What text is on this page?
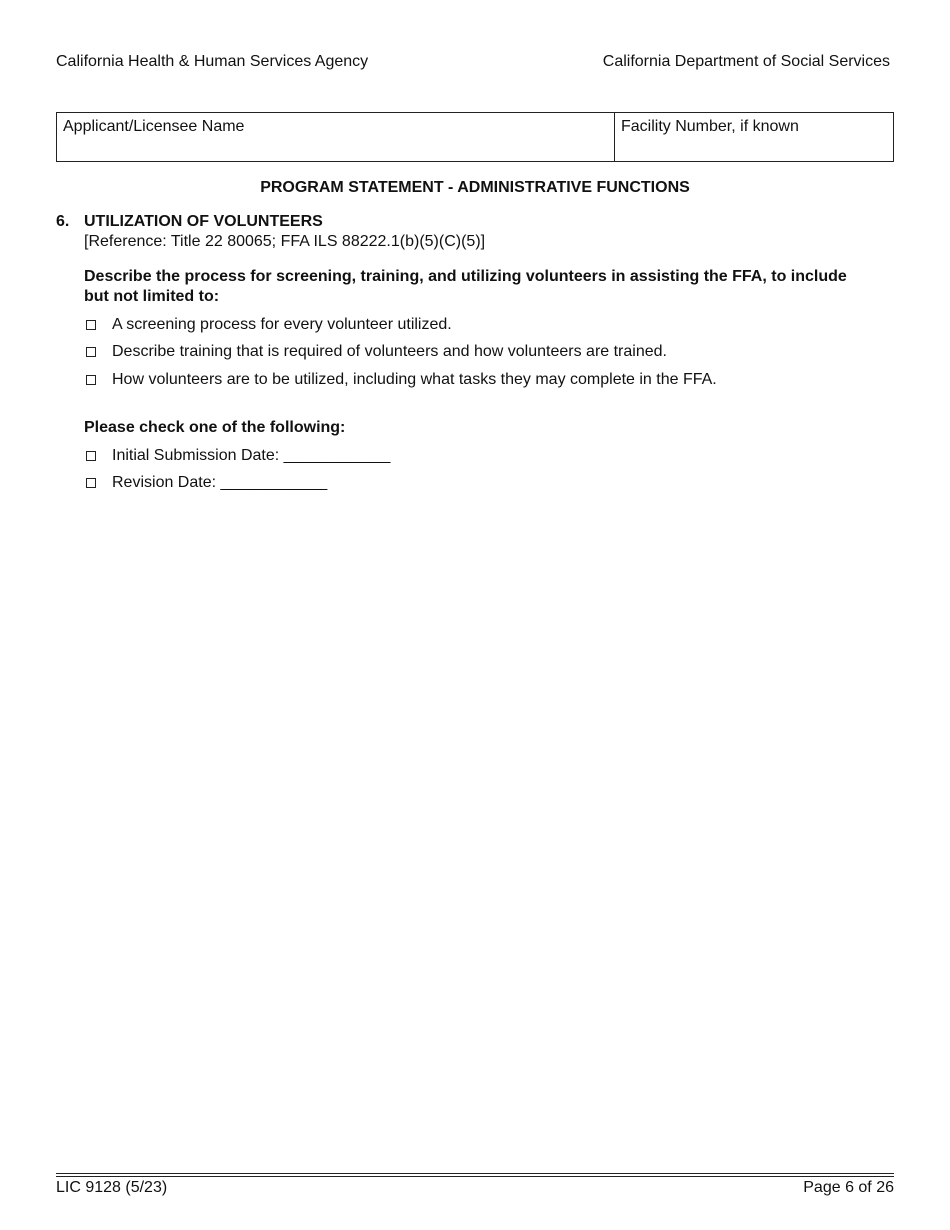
California Health & Human Services Agency	California Department of Social Services
Applicant/Licensee Name	Facility Number, if known
PROGRAM STATEMENT - ADMINISTRATIVE FUNCTIONS
6. UTILIZATION OF VOLUNTEERS
[Reference: Title 22 80065; FFA ILS 88222.1(b)(5)(C)(5)]
Describe the process for screening, training, and utilizing volunteers in assisting the FFA, to include but not limited to:
A screening process for every volunteer utilized.
Describe training that is required of volunteers and how volunteers are trained.
How volunteers are to be utilized, including what tasks they may complete in the FFA.
Please check one of the following:
Initial Submission Date: ____________
Revision Date: ____________
LIC 9128 (5/23)	Page 6 of 26
